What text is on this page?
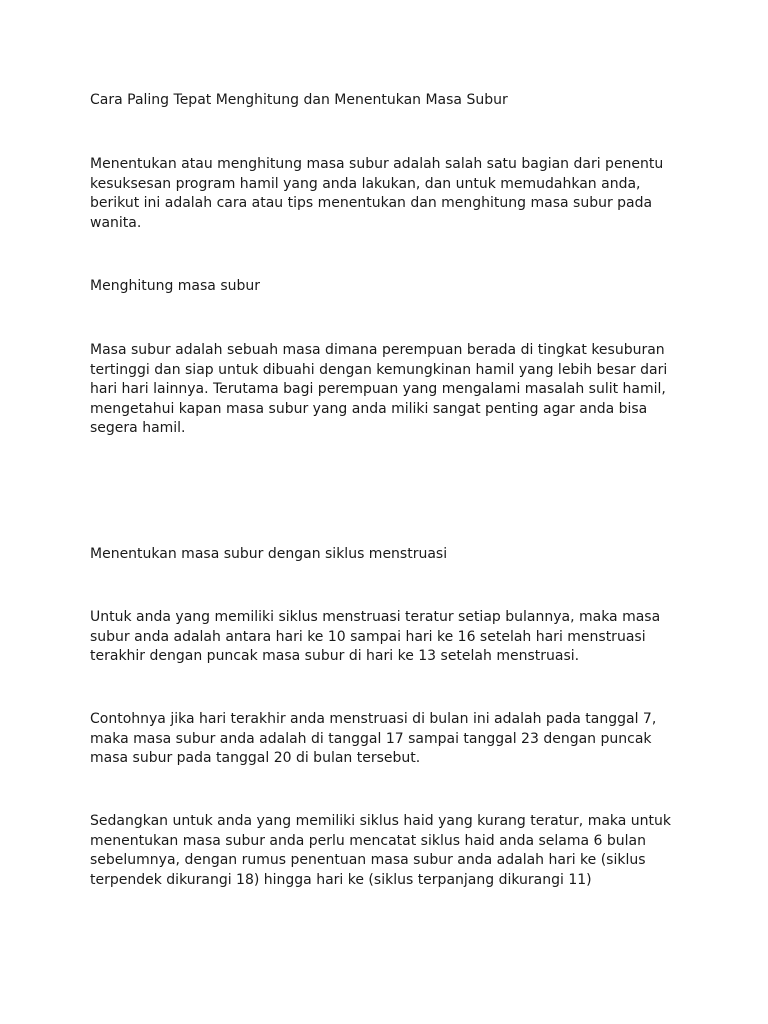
Cara Paling Tepat Menghitung dan Menentukan Masa Subur

Menentukan atau menghitung masa subur adalah salah satu bagian dari penentu
kesuksesan program hamil yang anda lakukan, dan untuk memudahkan anda,
berikut ini adalah cara atau tips menentukan dan menghitung masa subur pada
wanita.

Menghitung masa subur

Masa subur adalah sebuah masa dimana perempuan berada di tingkat kesuburan
tertinggi dan siap untuk dibuahi dengan kemungkinan hamil yang lebih besar dari
hari hari lainnya. Terutama bagi perempuan yang mengalami masalah sulit hamil,
mengetahui kapan masa subur yang anda miliki sangat penting agar anda bisa
segera hamil.

Menentukan masa subur dengan siklus menstruasi

Untuk anda yang memiliki siklus menstruasi teratur setiap bulannya, maka masa
subur anda adalah antara hari ke 10 sampai hari ke 16 setelah hari menstruasi
terakhir dengan puncak masa subur di hari ke 13 setelah menstruasi.

Contohnya jika hari terakhir anda menstruasi di bulan ini adalah pada tanggal 7,
maka masa subur anda adalah di tanggal 17 sampai tanggal 23 dengan puncak
masa subur pada tanggal 20 di bulan tersebut.

Sedangkan untuk anda yang memiliki siklus haid yang kurang teratur, maka untuk
menentukan masa subur anda perlu mencatat siklus haid anda selama 6 bulan
sebelumnya, dengan rumus penentuan masa subur anda adalah hari ke (siklus
terpendek dikurangi 18) hingga hari ke (siklus terpanjang dikurangi 11)
